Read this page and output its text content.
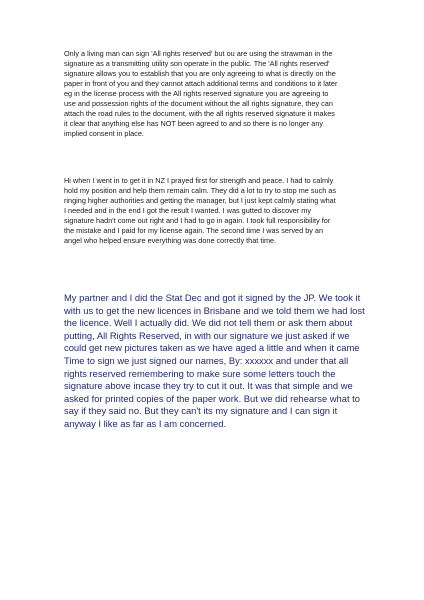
Only a living man can sign 'All rights reserved' but ou are using the strawman in the
signature as a transmitting utility son operate in the public. The 'All rights reserved'
signature allows you to establish that you are only agreeing to what is directly on the
paper in front of you and they cannot attach additional terms and conditions to it later
eg in the license process with the All rights reserved signature you are agreeing to
use and possession rights of the document without the all rights signature, they can
attach the road rules to the document, with the all rights reserved signature it makes
it clear that anything else has NOT been agreed to and so there is no longer any
implied consent in place.

Hi when I went in to get it in NZ I prayed first for strength and peace. I had to calmly
hold my position and help them remain calm. They did a lot to try to stop me such as
ringing higher authorities and getting the manager, but I just kept calmly stating what
I needed and in the end I got the result I wanted. I was gutted to discover my
signature hadn't come out right and I had to go in again. I took full responsibility for
the mistake and I paid for my license again. The second time I was served by an
angel who helped ensure everything was done correctly that time.

My partner and I did the Stat Dec and got it signed by the JP. We took it
with us to get the new licences in Brisbane and we told them we had lost
the licence. Well I actually did. We did not tell them or ask them about
putting, All Rights Reserved, in with our signature we just asked if we
could get new pictures taken as we have aged a little and when it came
Time to sign we just signed our names, By: xxxxxx and under that all
rights reserved remembering to make sure some letters touch the
signature above incase they try to cut it out. It was that simple and we
asked for printed copies of the paper work. But we did rehearse what to
say if they said no. But they can't its my signature and I can sign it
anyway I like as far as I am concerned.
